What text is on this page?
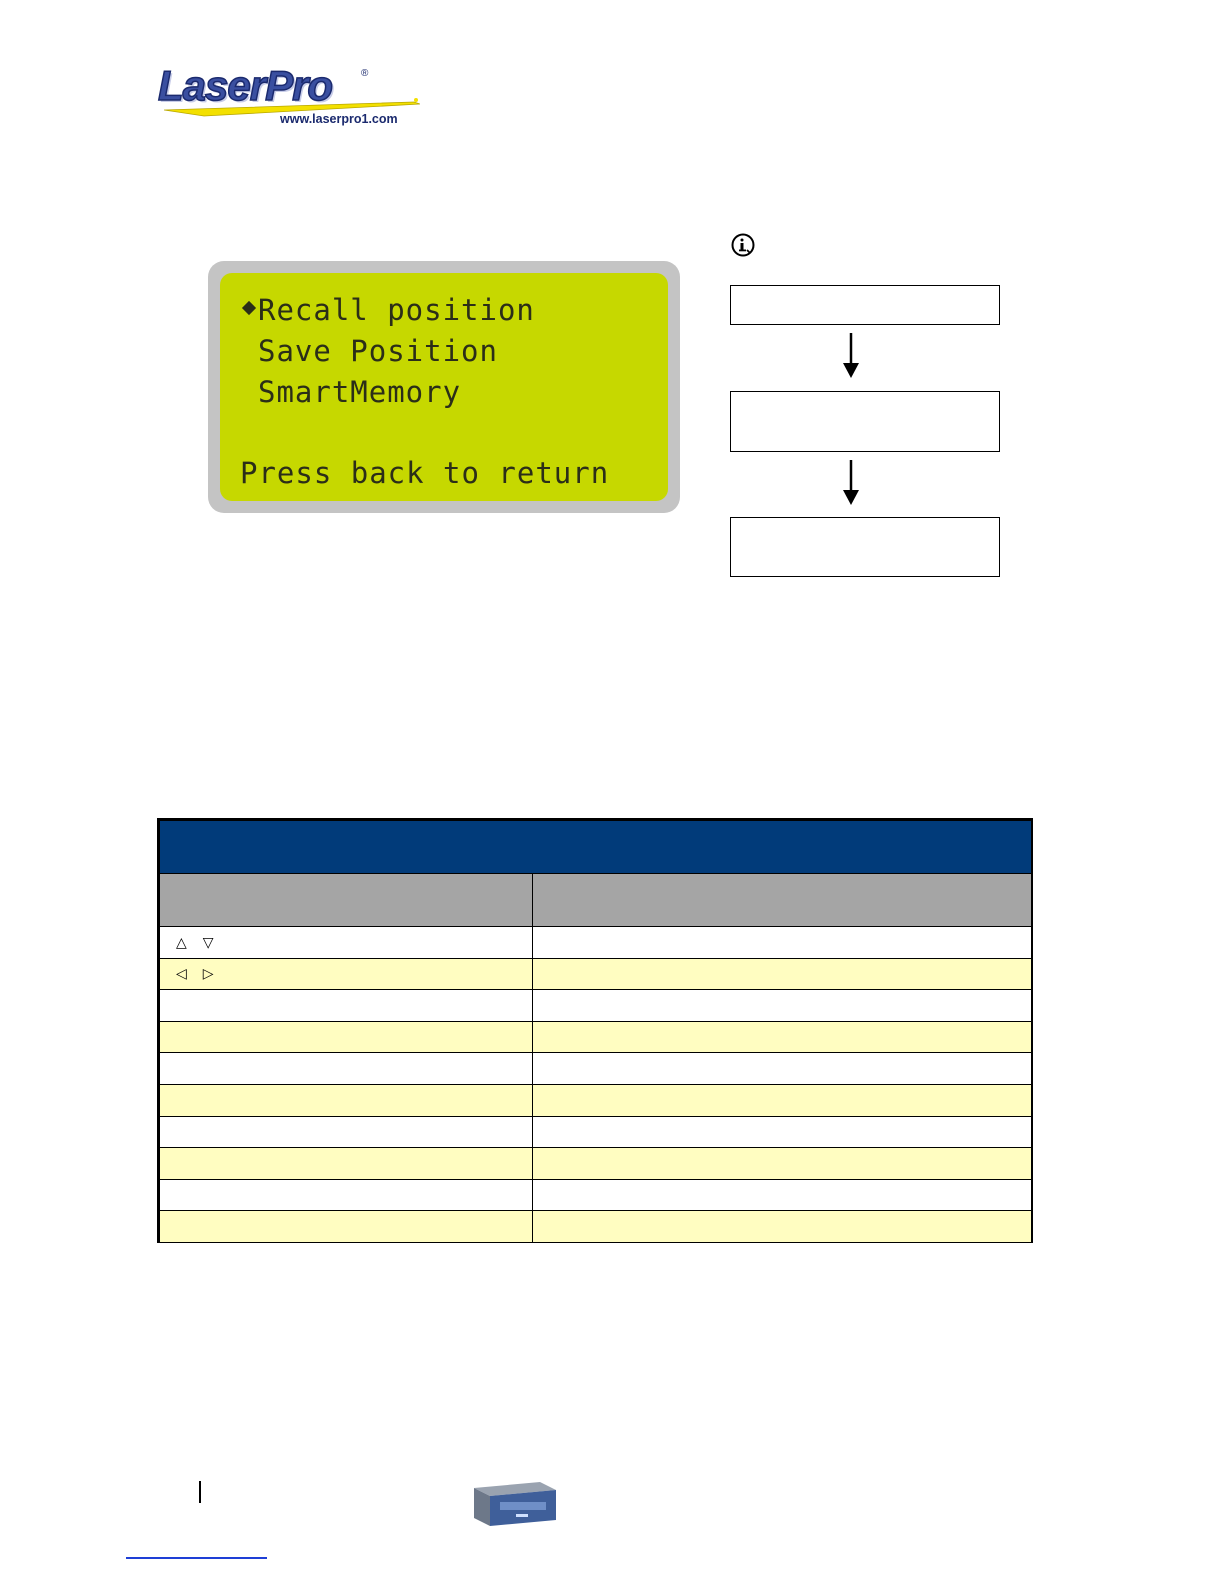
LaserPro	®
www.laserpro1.com
Recall position
Save Position
SmartMemory
Press back to return

△ ▽	
◁ ▷	
